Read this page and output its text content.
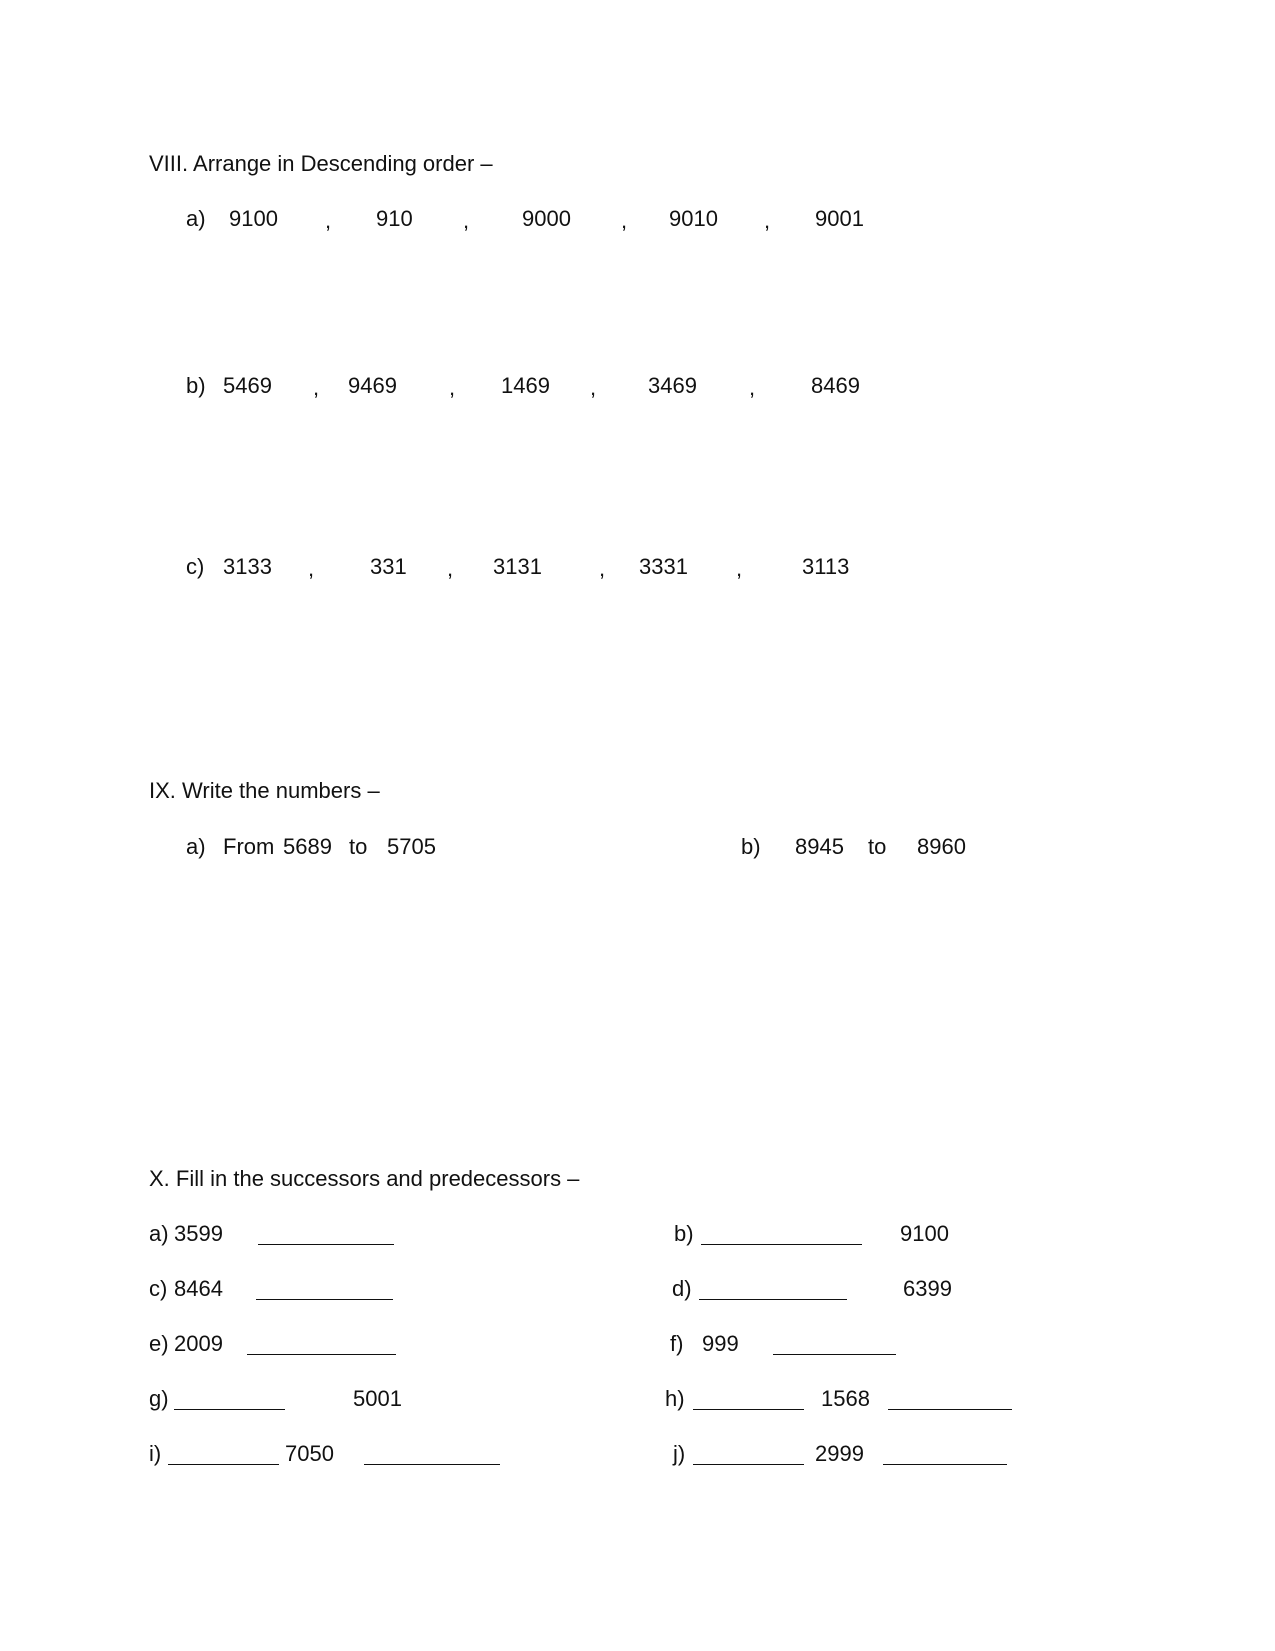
VIII. Arrange in Descending order –
a) 9100 , 910 , 9000 , 9010 , 9001
b) 5469 , 9469 , 1469 , 3469 ,	8469
c) 3133 ,	331 , 3131	, 3331 ,	3113
IX. Write the numbers –
a) From 5689 to 5705	b) 8945 to 8960
X. Fill in the successors and predecessors –
a) 3599	b)	9100
c) 8464	d)	6399
e) 2009	f) 999
g)	5001	h)	1568
i)	7050	j)	2999
